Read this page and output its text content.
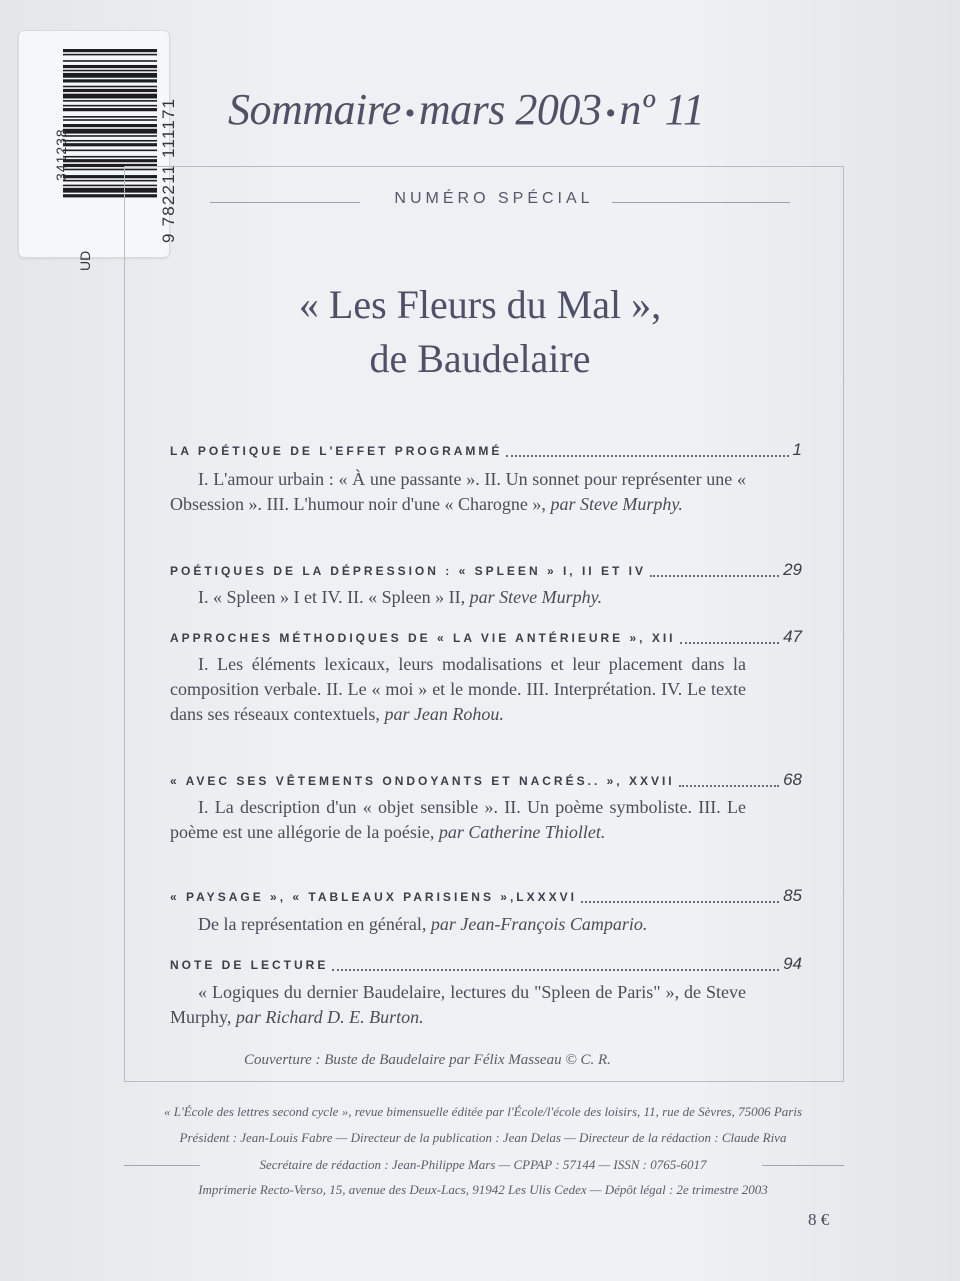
341238	9 782211 111171
UD
Sommaire •mars 2003 •nº 11
NUMÉRO SPÉCIAL
« Les Fleurs du Mal »,
de Baudelaire
LA POÉTIQUE DE L'EFFET PROGRAMMÉ	1
I. L'amour urbain : « À une passante ». II. Un sonnet pour représenter une « Obsession ». III. L'humour noir d'une « Charogne », par Steve Murphy.
POÉTIQUES DE LA DÉPRESSION : « SPLEEN » I, II ET IV	29
I. « Spleen » I et IV. II. « Spleen » II, par Steve Murphy.
APPROCHES MÉTHODIQUES DE « LA VIE ANTÉRIEURE », XII	47
I. Les éléments lexicaux, leurs modalisations et leur placement dans la composition verbale. II. Le « moi » et le monde. III. Interprétation. IV. Le texte dans ses réseaux contextuels, par Jean Rohou.
« AVEC SES VÊTEMENTS ONDOYANTS ET NACRÉS.. », XXVII	68
I. La description d'un « objet sensible ». II. Un poème symboliste. III. Le poème est une allégorie de la poésie, par Catherine Thiollet.
« PAYSAGE », « TABLEAUX PARISIENS »,LXXXVI	85
De la représentation en général, par Jean-François Campario.
NOTE DE LECTURE	94
« Logiques du dernier Baudelaire, lectures du "Spleen de Paris" », de Steve Murphy, par Richard D. E. Burton.
Couverture : Buste de Baudelaire par Félix Masseau © C. R.
« L'École des lettres second cycle », revue bimensuelle éditée par l'École/l'école des loisirs, 11, rue de Sèvres, 75006 Paris
Président : Jean-Louis Fabre — Directeur de la publication : Jean Delas — Directeur de la rédaction : Claude Riva
Secrétaire de rédaction : Jean-Philippe Mars — CPPAP : 57144 — ISSN : 0765-6017
Imprimerie Recto-Verso, 15, avenue des Deux-Lacs, 91942 Les Ulis Cedex — Dépôt légal : 2e trimestre 2003
8 €
